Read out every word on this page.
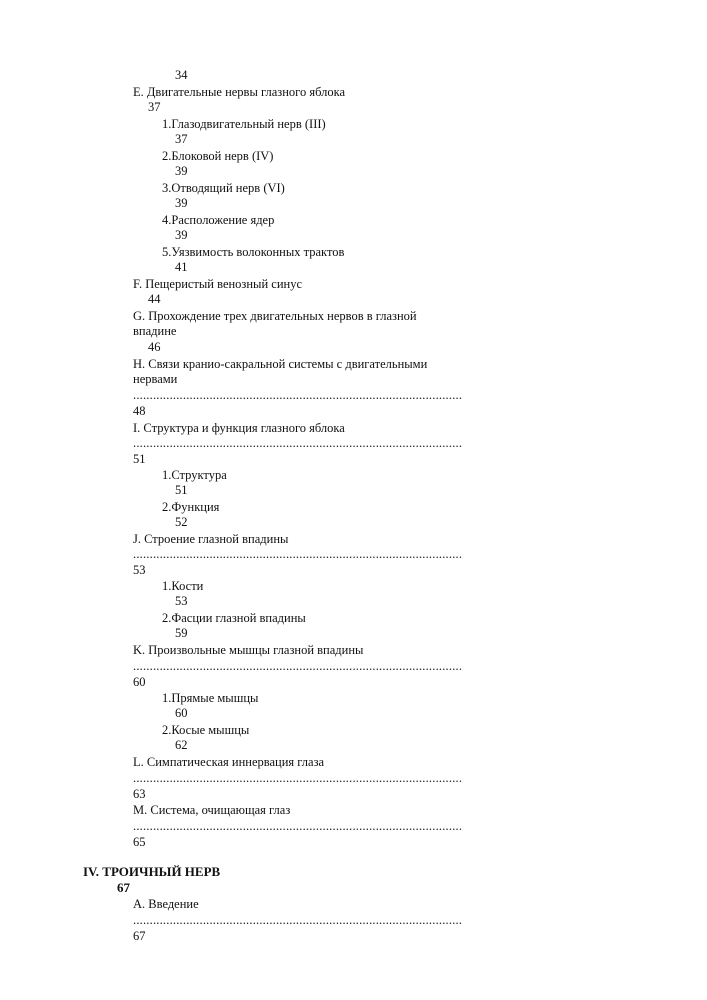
34
E. Двигательные нервы глазного яблока
37
1.Глазодвигательный нерв (III)
37
2.Блоковой нерв (IV)
39
3.Отводящий нерв (VI)
39
4.Расположение ядер
39
5.Уязвимость волоконных трактов
41
F. Пещеристый венозный синус
44
G. Прохождение трех двигательных нервов в глазной
впадине
46
H. Связи кранио-сакральной системы с двигательными
нервами
...................................................................................................
48
I. Структура и функция глазного яблока
...................................................................................................
51
1.Структура
51
2.Функция
52
J. Строение глазной впадины
...................................................................................................
53
1.Кости
53
2.Фасции глазной впадины
59
K. Произвольные мышцы глазной впадины
...................................................................................................
60
1.Прямые мышцы
60
2.Косые мышцы
62
L. Симпатическая иннервация глаза
...................................................................................................
63
M. Система, очищающая глаз
...................................................................................................
65
IV. ТРОИЧНЫЙ НЕРВ
67
A. Введение
...................................................................................................
67
